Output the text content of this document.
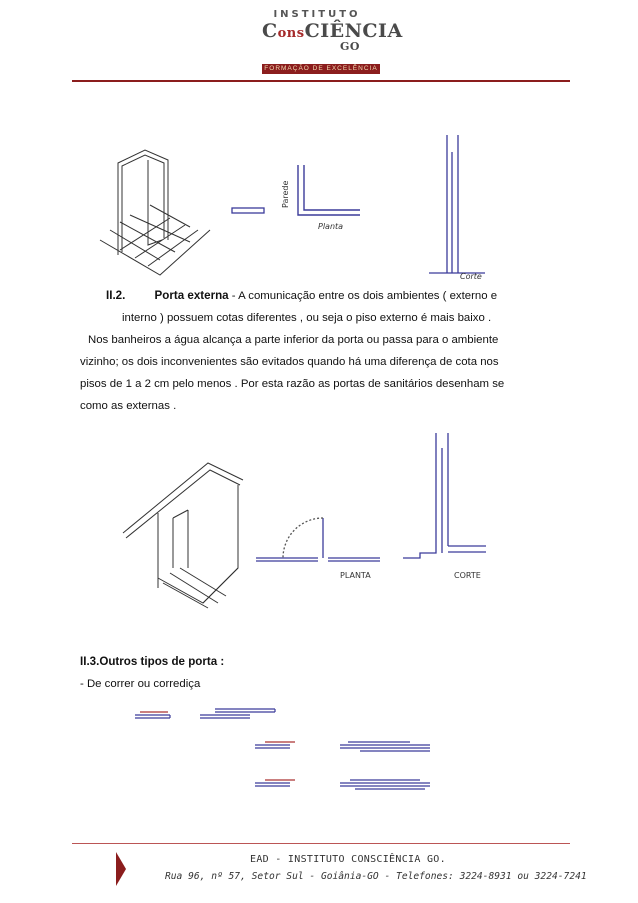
INSTITUTO
ConsCIÊNCIA
GO
FORMAÇÃO DE EXCELÊNCIA
Parede
Planta
Corte
II.2.	Porta externa - A comunicação entre os dois ambientes ( externo e
interno ) possuem cotas diferentes , ou seja o piso externo é mais baixo .
Nos banheiros a água alcança a parte inferior da porta ou passa para o ambiente
vizinho; os dois inconvenientes são evitados quando há uma diferença de cota nos
pisos de 1 a 2 cm pelo menos . Por esta razão as portas de sanitários desenham se
como as externas .
PLANTA	CORTE
II.3.Outros tipos de porta :
- De correr ou corrediça
EAD - INSTITUTO CONSCIÊNCIA GO.
Rua 96, nº 57, Setor Sul - Goiânia-GO - Telefones: 3224-8931 ou 3224-7241
